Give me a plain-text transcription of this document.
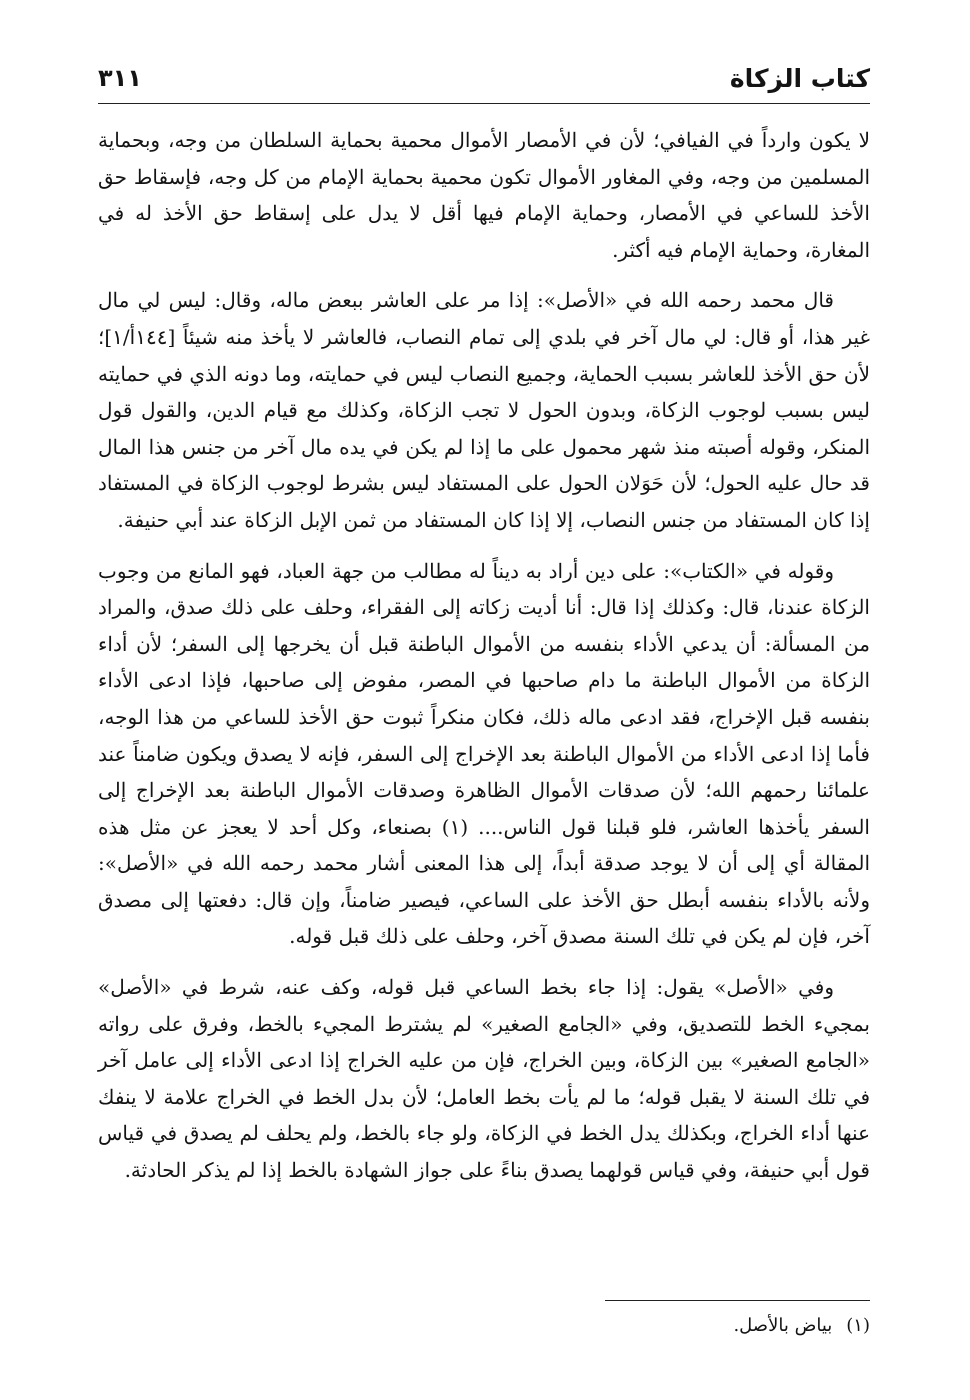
كتاب الزكاة
٣١١

لا يكون وارداً في الفيافي؛ لأن في الأمصار الأموال محمية بحماية السلطان من وجه، وبحماية المسلمين من وجه، وفي المغاور الأموال تكون محمية بحماية الإمام من كل وجه، فإسقاط حق الأخذ للساعي في الأمصار، وحماية الإمام فيها أقل لا يدل على إسقاط حق الأخذ له في المغارة، وحماية الإمام فيه أكثر.

قال محمد رحمه الله في «الأصل»: إذا مر على العاشر ببعض ماله، وقال: ليس لي مال غير هذا، أو قال: لي مال آخر في بلدي إلى تمام النصاب، فالعاشر لا يأخذ منه شيئاً [١٤٤أ/١]؛ لأن حق الأخذ للعاشر بسبب الحماية، وجميع النصاب ليس في حمايته، وما دونه الذي في حمايته ليس بسبب لوجوب الزكاة، وبدون الحول لا تجب الزكاة، وكذلك مع قيام الدين، والقول قول المنكر، وقوله أصبته منذ شهر محمول على ما إذا لم يكن في يده مال آخر من جنس هذا المال قد حال عليه الحول؛ لأن حَوَلان الحول على المستفاد ليس بشرط لوجوب الزكاة في المستفاد إذا كان المستفاد من جنس النصاب، إلا إذا كان المستفاد من ثمن الإبل الزكاة عند أبي حنيفة.

وقوله في «الكتاب»: على دين أراد به ديناً له مطالب من جهة العباد، فهو المانع من وجوب الزكاة عندنا، قال: وكذلك إذا قال: أنا أديت زكاته إلى الفقراء، وحلف على ذلك صدق، والمراد من المسألة: أن يدعي الأداء بنفسه من الأموال الباطنة قبل أن يخرجها إلى السفر؛ لأن أداء الزكاة من الأموال الباطنة ما دام صاحبها في المصر، مفوض إلى صاحبها، فإذا ادعى الأداء بنفسه قبل الإخراج، فقد ادعى ماله ذلك، فكان منكراً ثبوت حق الأخذ للساعي من هذا الوجه، فأما إذا ادعى الأداء من الأموال الباطنة بعد الإخراج إلى السفر، فإنه لا يصدق ويكون ضامناً عند علمائنا رحمهم الله؛ لأن صدقات الأموال الظاهرة وصدقات الأموال الباطنة بعد الإخراج إلى السفر يأخذها العاشر، فلو قبلنا قول الناس.... (١) بصنعاء، وكل أحد لا يعجز عن مثل هذه المقالة أي إلى أن لا يوجد صدقة أبداً، إلى هذا المعنى أشار محمد رحمه الله في «الأصل»: ولأنه بالأداء بنفسه أبطل حق الأخذ على الساعي، فيصير ضامناً، وإن قال: دفعتها إلى مصدق آخر، فإن لم يكن في تلك السنة مصدق آخر، وحلف على ذلك قبل قوله.

وفي «الأصل» يقول: إذا جاء بخط الساعي قبل قوله، وكف عنه، شرط في «الأصل» بمجيء الخط للتصديق، وفي «الجامع الصغير» لم يشترط المجيء بالخط، وفرق على رواته «الجامع الصغير» بين الزكاة، وبين الخراج، فإن من عليه الخراج إذا ادعى الأداء إلى عامل آخر في تلك السنة لا يقبل قوله؛ ما لم يأت بخط العامل؛ لأن بدل الخط في الخراج علامة لا ينفك عنها أداء الخراج، وبكذلك يدل الخط في الزكاة، ولو جاء بالخط، ولم يحلف لم يصدق في قياس قول أبي حنيفة، وفي قياس قولهما يصدق بناءً على جواز الشهادة بالخط إذا لم يذكر الحادثة.

(١)
بياض بالأصل.
